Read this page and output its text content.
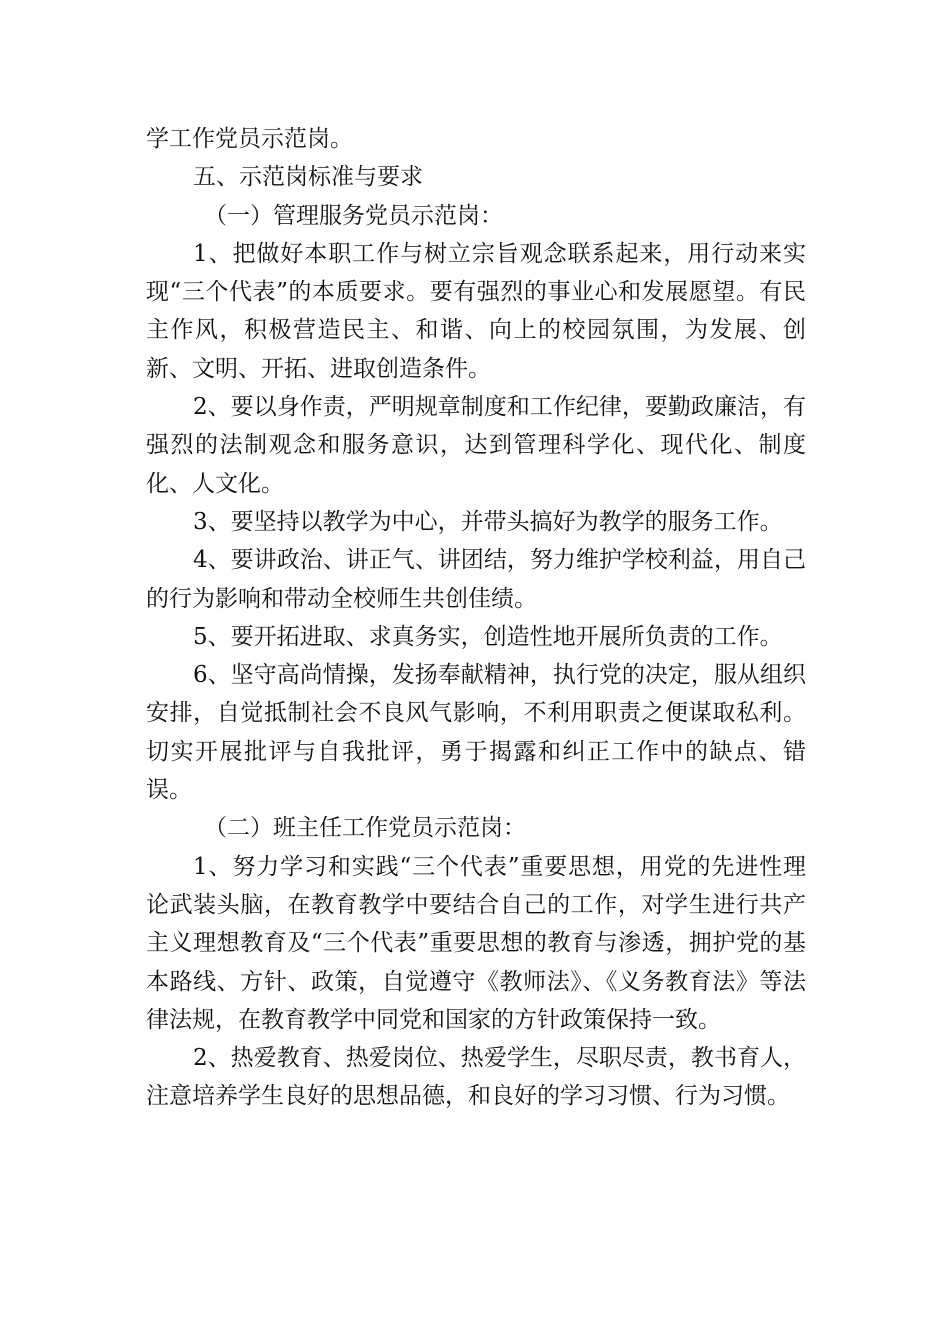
学工作党员示范岗。

五、示范岗标准与要求

（一）管理服务党员示范岗：

1、把做好本职工作与树立宗旨观念联系起来，用行动来实现“三个代表”的本质要求。要有强烈的事业心和发展愿望。有民主作风，积极营造民主、和谐、向上的校园氛围，为发展、创新、文明、开拓、进取创造条件。

2、要以身作责，严明规章制度和工作纪律，要勤政廉洁，有强烈的法制观念和服务意识，达到管理科学化、现代化、制度化、人文化。

3、要坚持以教学为中心，并带头搞好为教学的服务工作。

4、要讲政治、讲正气、讲团结，努力维护学校利益，用自己的行为影响和带动全校师生共创佳绩。

5、要开拓进取、求真务实，创造性地开展所负责的工作。

6、坚守高尚情操，发扬奉献精神，执行党的决定，服从组织安排，自觉抵制社会不良风气影响，不利用职责之便谋取私利。切实开展批评与自我批评，勇于揭露和纠正工作中的缺点、错误。

（二）班主任工作党员示范岗：

1、努力学习和实践“三个代表”重要思想，用党的先进性理论武装头脑，在教育教学中要结合自己的工作，对学生进行共产主义理想教育及“三个代表”重要思想的教育与渗透，拥护党的基本路线、方针、政策，自觉遵守《教师法》、《义务教育法》等法律法规，在教育教学中同党和国家的方针政策保持一致。

2、热爱教育、热爱岗位、热爱学生，尽职尽责，教书育人，注意培养学生良好的思想品德，和良好的学习习惯、行为习惯。
